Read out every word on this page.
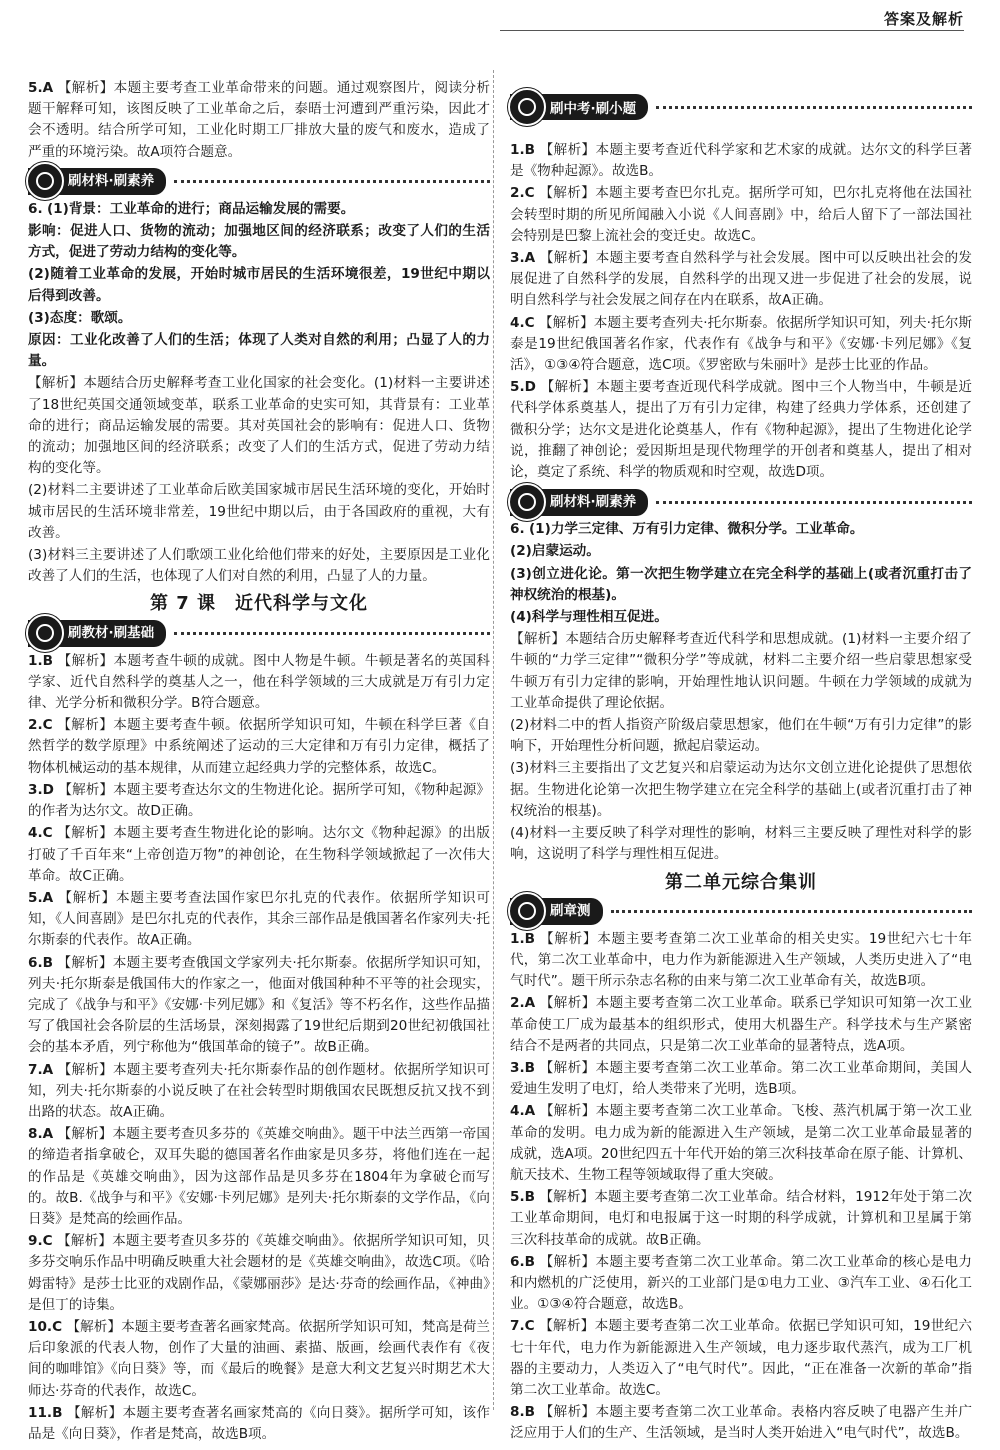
答案及解析
5.A 【解析】本题主要考查工业革命带来的问题。通过观察图片，阅读分析题干解释可知，该图反映了工业革命之后，泰晤士河遭到严重污染，因此才会不透明。结合所学可知，工业化时期工厂排放大量的废气和废水，造成了严重的环境污染。故A项符合题意。
刷材料·刷素养
6. (1)背景：工业革命的进行；商品运输发展的需要。
影响：促进人口、货物的流动；加强地区间的经济联系；改变了人们的生活方式，促进了劳动力结构的变化等。
(2)随着工业革命的发展，开始时城市居民的生活环境很差，19世纪中期以后得到改善。
(3)态度：歌颂。
原因：工业化改善了人们的生活；体现了人类对自然的利用；凸显了人的力量。
【解析】本题结合历史解释考查工业化国家的社会变化。(1)材料一主要讲述了18世纪英国交通领域变革，联系工业革命的史实可知，其背景有：工业革命的进行；商品运输发展的需要。其对英国社会的影响有：促进人口、货物的流动；加强地区间的经济联系；改变了人们的生活方式，促进了劳动力结构的变化等。
(2)材料二主要讲述了工业革命后欧美国家城市居民生活环境的变化，开始时城市居民的生活环境非常差，19世纪中期以后，由于各国政府的重视，大有改善。
(3)材料三主要讲述了人们歌颂工业化给他们带来的好处，主要原因是工业化改善了人们的生活，也体现了人们对自然的利用，凸显了人的力量。
第 7 课　近代科学与文化
刷教材·刷基础
1.B 【解析】本题考查牛顿的成就。图中人物是牛顿。牛顿是著名的英国科学家、近代自然科学的奠基人之一，他在科学领域的三大成就是万有引力定律、光学分析和微积分学。B符合题意。
2.C 【解析】本题主要考查牛顿。依据所学知识可知，牛顿在科学巨著《自然哲学的数学原理》中系统阐述了运动的三大定律和万有引力定律，概括了物体机械运动的基本规律，从而建立起经典力学的完整体系，故选C。
3.D 【解析】本题主要考查达尔文的生物进化论。据所学可知，《物种起源》的作者为达尔文。故D正确。
4.C 【解析】本题主要考查生物进化论的影响。达尔文《物种起源》的出版打破了千百年来“上帝创造万物”的神创论，在生物科学领域掀起了一次伟大革命。故C正确。
5.A 【解析】本题主要考查法国作家巴尔扎克的代表作。依据所学知识可知，《人间喜剧》是巴尔扎克的代表作，其余三部作品是俄国著名作家列夫·托尔斯泰的代表作。故A正确。
6.B 【解析】本题主要考查俄国文学家列夫·托尔斯泰。依据所学知识可知，列夫·托尔斯泰是俄国伟大的作家之一，他面对俄国种种不平等的社会现实，完成了《战争与和平》《安娜·卡列尼娜》和《复活》等不朽名作，这些作品描写了俄国社会各阶层的生活场景，深刻揭露了19世纪后期到20世纪初俄国社会的基本矛盾，列宁称他为“俄国革命的镜子”。故B正确。
7.A 【解析】本题主要考查列夫·托尔斯泰作品的创作题材。依据所学知识可知，列夫·托尔斯泰的小说反映了在社会转型时期俄国农民既想反抗又找不到出路的状态。故A正确。
8.A 【解析】本题主要考查贝多芬的《英雄交响曲》。题干中法兰西第一帝国的缔造者指拿破仑，双耳失聪的德国著名作曲家是贝多芬，将他们连在一起的作品是《英雄交响曲》，因为这部作品是贝多芬在1804年为拿破仑而写的。故B.《战争与和平》《安娜·卡列尼娜》是列夫·托尔斯泰的文学作品，《向日葵》是梵高的绘画作品。
9.C 【解析】本题主要考查贝多芬的《英雄交响曲》。依据所学知识可知，贝多芬交响乐作品中明确反映重大社会题材的是《英雄交响曲》，故选C项。《哈姆雷特》是莎士比亚的戏剧作品，《蒙娜丽莎》是达·芬奇的绘画作品，《神曲》是但丁的诗集。
10.C 【解析】本题主要考查著名画家梵高。依据所学知识可知，梵高是荷兰后印象派的代表人物，创作了大量的油画、素描、版画，绘画代表作有《夜间的咖啡馆》《向日葵》等，而《最后的晚餐》是意大利文艺复兴时期艺术大师达·芬奇的代表作，故选C。
11.B 【解析】本题主要考查著名画家梵高的《向日葵》。据所学可知，该作品是《向日葵》，作者是梵高，故选B项。
刷中考·刷小题
1.B 【解析】本题主要考查近代科学家和艺术家的成就。达尔文的科学巨著是《物种起源》。故选B。
2.C 【解析】本题主要考查巴尔扎克。据所学可知，巴尔扎克将他在法国社会转型时期的所见所闻融入小说《人间喜剧》中，给后人留下了一部法国社会特别是巴黎上流社会的变迁史。故选C。
3.A 【解析】本题主要考查自然科学与社会发展。图中可以反映出社会的发展促进了自然科学的发展，自然科学的出现又进一步促进了社会的发展，说明自然科学与社会发展之间存在内在联系，故A正确。
4.C 【解析】本题主要考查列夫·托尔斯泰。依据所学知识可知，列夫·托尔斯泰是19世纪俄国著名作家，代表作有《战争与和平》《安娜·卡列尼娜》《复活》，①③④符合题意，选C项。《罗密欧与朱丽叶》是莎士比亚的作品。
5.D 【解析】本题主要考查近现代科学成就。图中三个人物当中，牛顿是近代科学体系奠基人，提出了万有引力定律，构建了经典力学体系，还创建了微积分学；达尔文是进化论奠基人，作有《物种起源》，提出了生物进化论学说，推翻了神创论；爱因斯坦是现代物理学的开创者和奠基人，提出了相对论，奠定了系统、科学的物质观和时空观，故选D项。
刷材料·刷素养
6. (1)力学三定律、万有引力定律、微积分学。工业革命。
(2)启蒙运动。
(3)创立进化论。第一次把生物学建立在完全科学的基础上(或者沉重打击了神权统治的根基)。
(4)科学与理性相互促进。
【解析】本题结合历史解释考查近代科学和思想成就。(1)材料一主要介绍了牛顿的“力学三定律”“微积分学”等成就，材料二主要介绍一些启蒙思想家受牛顿万有引力定律的影响，开始理性地认识问题。牛顿在力学领域的成就为工业革命提供了理论依据。
(2)材料二中的哲人指资产阶级启蒙思想家，他们在牛顿“万有引力定律”的影响下，开始理性分析问题，掀起启蒙运动。
(3)材料三主要指出了文艺复兴和启蒙运动为达尔文创立进化论提供了思想依据。生物进化论第一次把生物学建立在完全科学的基础上(或者沉重打击了神权统治的根基)。
(4)材料一主要反映了科学对理性的影响，材料三主要反映了理性对科学的影响，这说明了科学与理性相互促进。
第二单元综合集训
刷章测
1.B 【解析】本题主要考查第二次工业革命的相关史实。19世纪六七十年代，第二次工业革命中，电力作为新能源进入生产领域，人类历史进入了“电气时代”。题干所示杂志名称的由来与第二次工业革命有关，故选B项。
2.A 【解析】本题主要考查第二次工业革命。联系已学知识可知第一次工业革命使工厂成为最基本的组织形式，使用大机器生产。科学技术与生产紧密结合不是两者的共同点，只是第二次工业革命的显著特点，选A项。
3.B 【解析】本题主要考查第二次工业革命。第二次工业革命期间，美国人爱迪生发明了电灯，给人类带来了光明，选B项。
4.A 【解析】本题主要考查第二次工业革命。飞梭、蒸汽机属于第一次工业革命的发明。电力成为新的能源进入生产领域，是第二次工业革命最显著的成就，选A项。20世纪四五十年代开始的第三次科技革命在原子能、计算机、航天技术、生物工程等领域取得了重大突破。
5.B 【解析】本题主要考查第二次工业革命。结合材料，1912年处于第二次工业革命期间，电灯和电报属于这一时期的科学成就，计算机和卫星属于第三次科技革命的成就。故B正确。
6.B 【解析】本题主要考查第二次工业革命。第二次工业革命的核心是电力和内燃机的广泛使用，新兴的工业部门是①电力工业、③汽车工业、④石化工业。①③④符合题意，故选B。
7.C 【解析】本题主要考查第二次工业革命。依据已学知识可知，19世纪六七十年代，电力作为新能源进入生产领域，电力逐步取代蒸汽，成为工厂机器的主要动力，人类迈入了“电气时代”。因此，“正在准备一次新的革命”指第二次工业革命。故选C。
8.B 【解析】本题主要考查第二次工业革命。表格内容反映了电器产生并广泛应用于人们的生产、生活领域，是当时人类开始进入“电气时代”，故选B。
